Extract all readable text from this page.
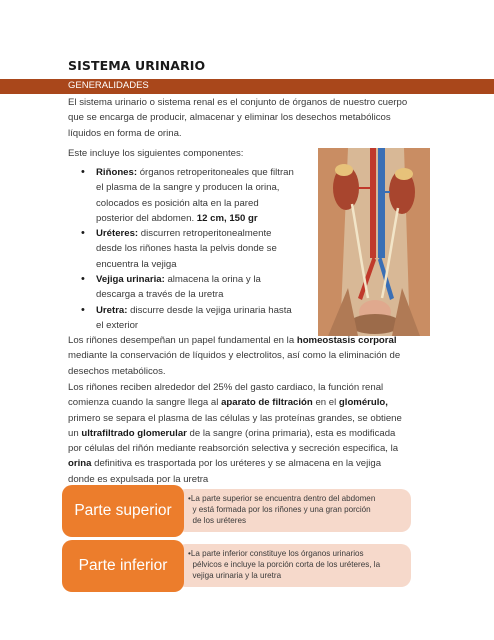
SISTEMA URINARIO
GENERALIDADES
El sistema urinario o sistema renal es el conjunto de órganos de nuestro cuerpo
que se encarga de producir, almacenar y eliminar los desechos metabólicos
líquidos en forma de orina.
Este incluye los siguientes componentes:
• Riñones: órganos retroperitoneales que filtran
el plasma de la sangre y producen la orina,
colocados es posición alta en la pared
posterior del abdomen. 12 cm, 150 gr
• Uréteres: discurren retroperitonealmente
desde los riñones hasta la pelvis donde se
encuentra la vejiga
• Vejiga urinaria: almacena la orina y la
descarga a través de la uretra
• Uretra: discurre desde la vejiga urinaria hasta
el exterior
Los riñones desempeñan un papel fundamental en la homeostasis corporal
mediante la conservación de líquidos y electrolitos, así como la eliminación de
desechos metabólicos.
Los riñones reciben alrededor del 25% del gasto cardiaco, la función renal
comienza cuando la sangre llega al aparato de filtración en el glomérulo,
primero se separa el plasma de las células y las proteínas grandes, se obtiene
un ultrafiltrado glomerular de la sangre (orina primaria), esta es modificada
por células del riñón mediante reabsorción selectiva y secreción especifica, la
orina definitiva es trasportada por los uréteres y se almacena en la vejiga
donde es expulsada por la uretra
•La parte superior se encuentra dentro del abdomen
y está formada por los riñones y una gran porción
de los uréteres
Parte superior
•La parte inferior constituye los órganos urinarios
pélvicos e incluye la porción corta de los uréteres, la
vejiga urinaria y la uretra
Parte inferior
